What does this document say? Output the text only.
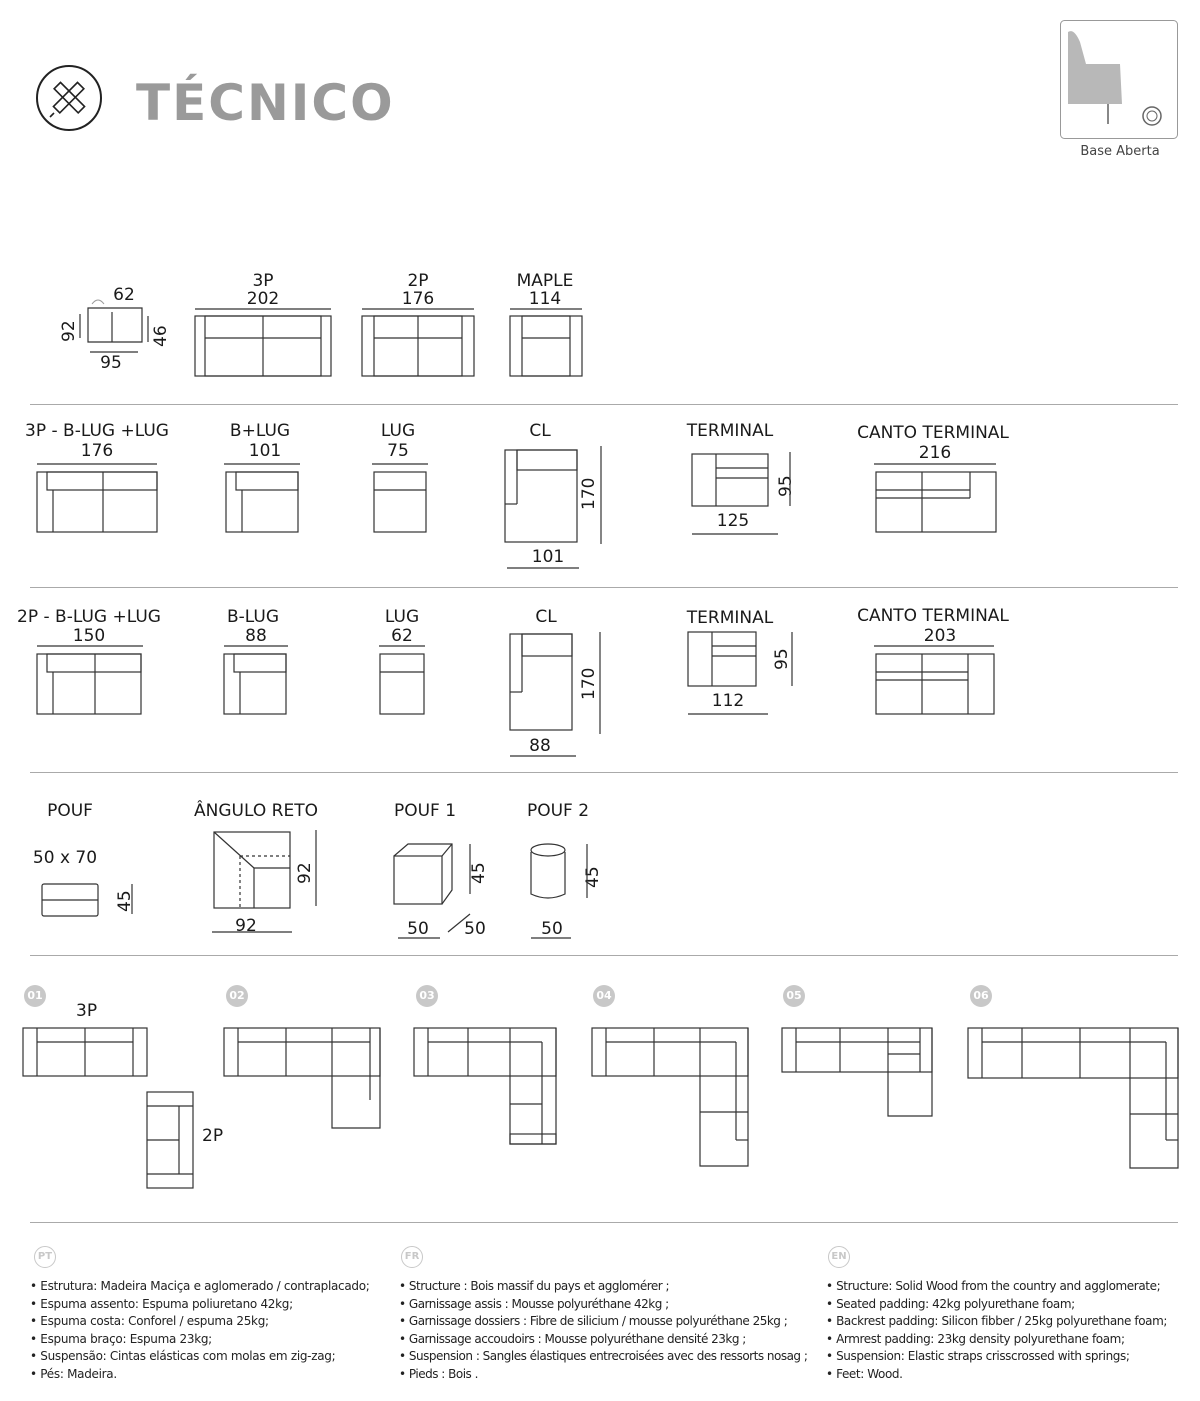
TÉCNICO
Base Aberta
62
92	46
95
3P
202
2P
176
MAPLE
114
3P - B-LUG +LUG
176
B+LUG
101
LUG
75
CL
170
101
TERMINAL
95
125
CANTO TERMINAL
216
2P - B-LUG +LUG
150
B-LUG
88
LUG
62
CL
170
88
TERMINAL
95
112
CANTO TERMINAL
203
POUF
50 x 70
45
ÂNGULO RETO
92
92
POUF 1
45
50 50
POUF 2
45
50
01	02	03	04	05	06
3P
2P
PT	FR	EN
• Estrutura: Madeira Maciça e aglomerado / contraplacado;
• Espuma assento: Espuma poliuretano 42kg;
• Espuma costa: Conforel / espuma 25kg;
• Espuma braço: Espuma 23kg;
• Suspensão: Cintas elásticas com molas em zig-zag;
• Pés: Madeira.
• Structure : Bois massif du pays et agglomérer ;
• Garnissage assis : Mousse polyuréthane 42kg ;
• Garnissage dossiers : Fibre de silicium / mousse polyuréthane 25kg ;
• Garnissage accoudoirs : Mousse polyuréthane densité 23kg ;
• Suspension : Sangles élastiques entrecroisées avec des ressorts nosag ;
• Pieds : Bois .
• Structure: Solid Wood from the country and agglomerate;
• Seated padding: 42kg polyurethane foam;
• Backrest padding: Silicon fibber / 25kg polyurethane foam;
• Armrest padding: 23kg density polyurethane foam;
• Suspension: Elastic straps crisscrossed with springs;
• Feet: Wood.
